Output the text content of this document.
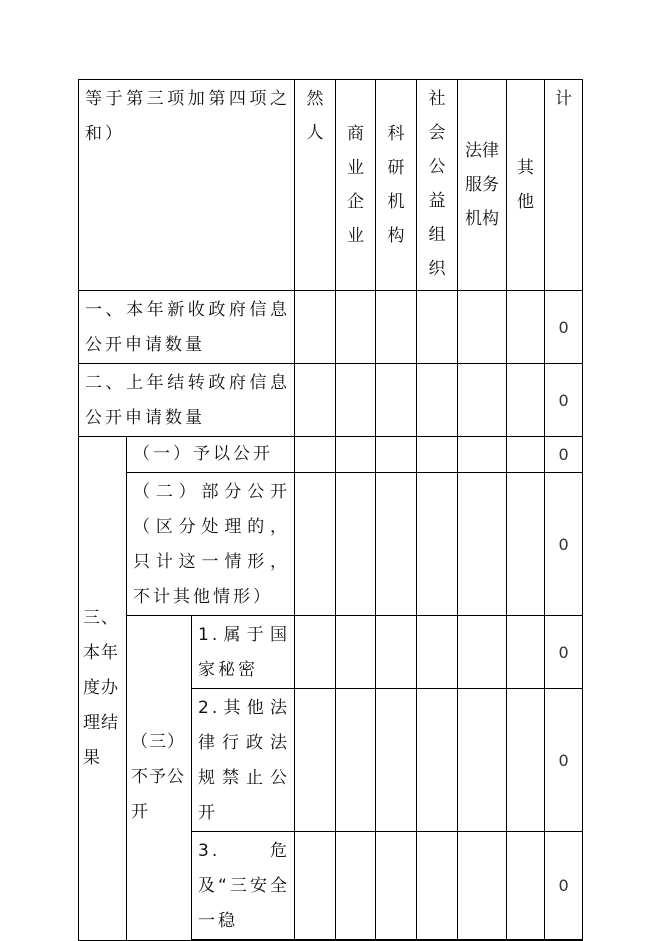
等于第三项加第四项之和）			然人	商业企业	科研机构	社会公益组织	法律服务机构	其他	计

一、本年新收政府信息公开申请数量									0
二、上年结转政府信息公开申请数量									0
三、本年度办理结果	（一）予以公开								0
	（二）部分公开（区分处理的，只计这一情形，不计其他情形）								0
	（三）不予公开	1.属于国家秘密							0
		2.其他法律行政法规禁止公开							0
		3.危及“三安全一稳							0
